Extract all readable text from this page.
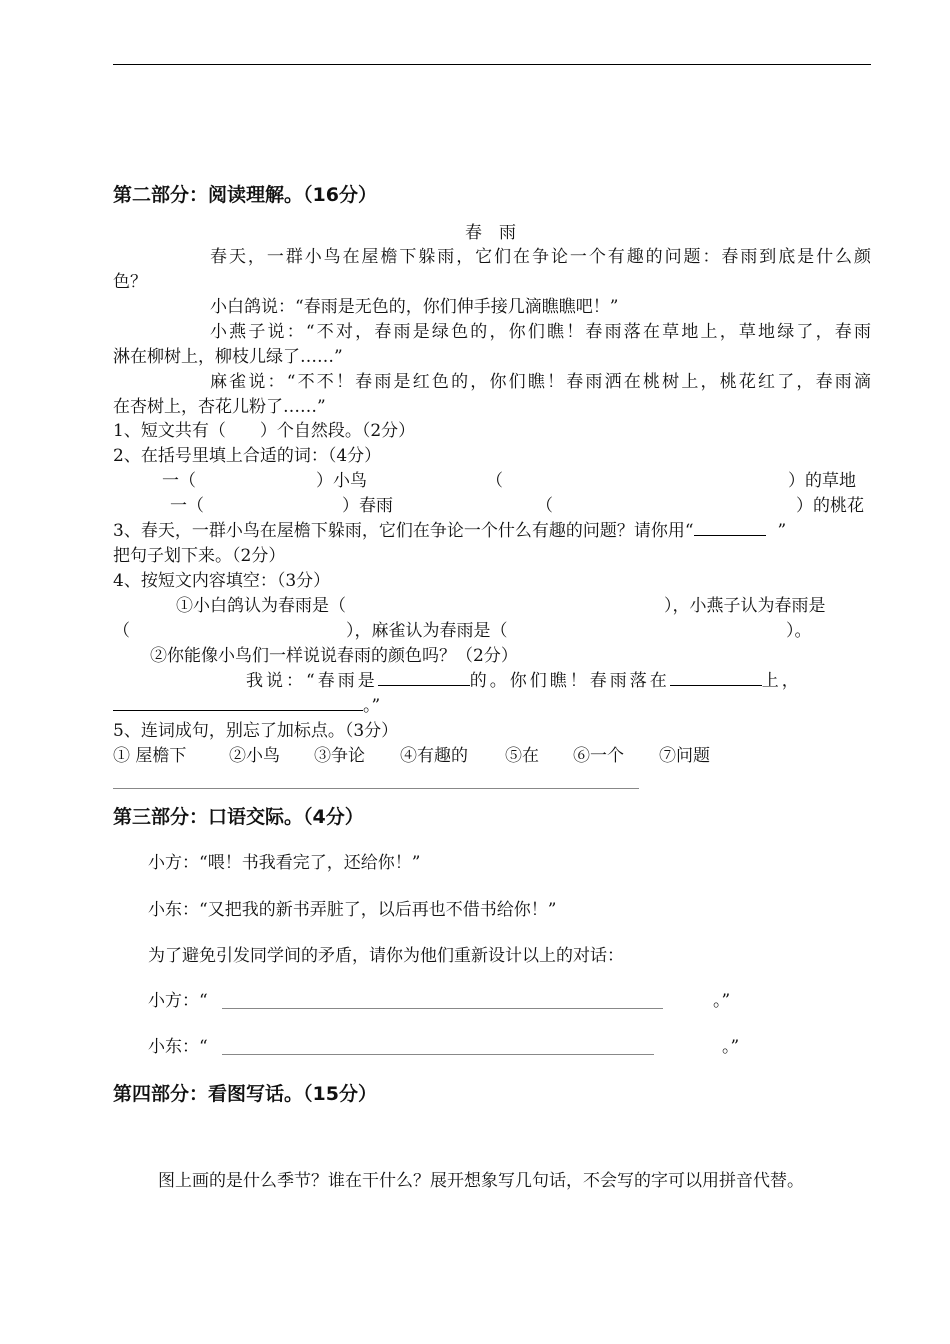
第二部分：阅读理解。（16分）
春　雨
春天，一群小鸟在屋檐下躲雨，它们在争论一个有趣的问题：春雨到底是什么颜
色？
小白鸽说：“春雨是无色的，你们伸手接几滴瞧瞧吧！”
小燕子说：“不对，春雨是绿色的，你们瞧！春雨落在草地上，草地绿了，春雨
淋在柳树上，柳枝儿绿了……”
麻雀说：“不不！春雨是红色的，你们瞧！春雨洒在桃树上，桃花红了，春雨滴
在杏树上，杏花儿粉了……”
1、短文共有（　　）个自然段。（2分）
2、在括号里填上合适的词：（4分）
一（	）小鸟	（	）的草地
一（	）春雨	（	）的桃花
3、春天，一群小鸟在屋檐下躲雨，它们在争论一个什么有趣的问题？请你用“	”
把句子划下来。（2分）
4、按短文内容填空：（3分）
①小白鸽认为春雨是（	），小燕子认为春雨是
（	），麻雀认为春雨是（	）。
②你能像小鸟们一样说说春雨的颜色吗？（2分）
我说：“春雨是	的。你们瞧！春雨落在	上，
。”
5、连词成句，别忘了加标点。（3分）
① 屋檐下	②小鸟 ③争论 ④有趣的 ⑤在 ⑥一个 ⑦问题
第三部分：口语交际。（4分）
小方：“喂！书我看完了，还给你！”
小东：“又把我的新书弄脏了，以后再也不借书给你！”
为了避免引发同学间的矛盾，请你为他们重新设计以上的对话：
小方：“	。”
小东：“	。”
第四部分：看图写话。（15分）
图上画的是什么季节？谁在干什么？展开想象写几句话，不会写的字可以用拼音代替。
